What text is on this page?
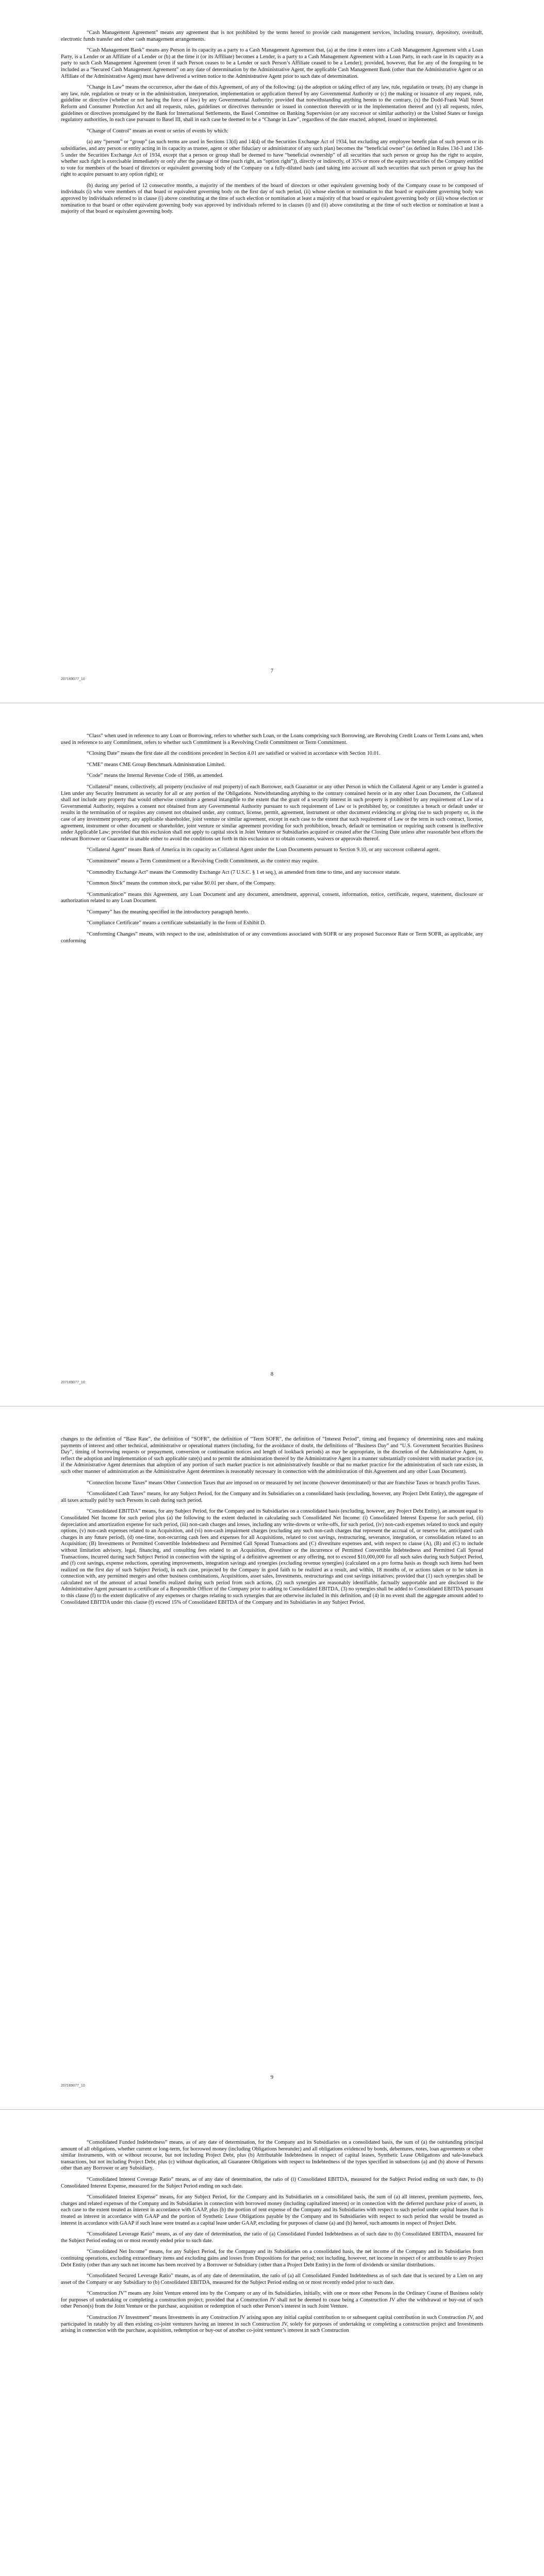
“Cash Management Agreement” means any agreement that is not prohibited by the terms hereof to provide cash management services, including treasury, depository, overdraft, electronic funds transfer and other cash management arrangements.

“Cash Management Bank” means any Person in its capacity as a party to a Cash Management Agreement that, (a) at the time it enters into a Cash Management Agreement with a Loan Party, is a Lender or an Affiliate of a Lender or (b) at the time it (or its Affiliate) becomes a Lender, is a party to a Cash Management Agreement with a Loan Party, in each case in its capacity as a party to such Cash Management Agreement (even if such Person ceases to be a Lender or such Person’s Affiliate ceased to be a Lender); provided, however, that for any of the foregoing to be included as a “Secured Cash Management Agreement” on any date of determination by the Administrative Agent, the applicable Cash Management Bank (other than the Administrative Agent or an Affiliate of the Administrative Agent) must have delivered a written notice to the Administrative Agent prior to such date of determination.

“Change in Law” means the occurrence, after the date of this Agreement, of any of the following: (a) the adoption or taking effect of any law, rule, regulation or treaty, (b) any change in any law, rule, regulation or treaty or in the administration, interpretation, implementation or application thereof by any Governmental Authority or (c) the making or issuance of any request, rule, guideline or directive (whether or not having the force of law) by any Governmental Authority; provided that notwithstanding anything herein to the contrary, (x) the Dodd-Frank Wall Street Reform and Consumer Protection Act and all requests, rules, guidelines or directives thereunder or issued in connection therewith or in the implementation thereof and (y) all requests, rules, guidelines or directives promulgated by the Bank for International Settlements, the Basel Committee on Banking Supervision (or any successor or similar authority) or the United States or foreign regulatory authorities, in each case pursuant to Basel III, shall in each case be deemed to be a “Change in Law”, regardless of the date enacted, adopted, issued or implemented.

“Change of Control” means an event or series of events by which:

(a) any “person” or “group” (as such terms are used in Sections 13(d) and 14(d) of the Securities Exchange Act of 1934, but excluding any employee benefit plan of such person or its subsidiaries, and any person or entity acting in its capacity as trustee, agent or other fiduciary or administrator of any such plan) becomes the “beneficial owner” (as defined in Rules 13d-3 and 13d-5 under the Securities Exchange Act of 1934, except that a person or group shall be deemed to have “beneficial ownership” of all securities that such person or group has the right to acquire, whether such right is exercisable immediately or only after the passage of time (such right, an “option right”)), directly or indirectly, of 35% or more of the equity securities of the Company entitled to vote for members of the board of directors or equivalent governing body of the Company on a fully-diluted basis (and taking into account all such securities that such person or group has the right to acquire pursuant to any option right); or

(b) during any period of 12 consecutive months, a majority of the members of the board of directors or other equivalent governing body of the Company cease to be composed of individuals (i) who were members of that board or equivalent governing body on the first day of such period, (ii) whose election or nomination to that board or equivalent governing body was approved by individuals referred to in clause (i) above constituting at the time of such election or nomination at least a majority of that board or equivalent governing body or (iii) whose election or nomination to that board or other equivalent governing body was approved by individuals referred to in clauses (i) and (ii) above constituting at the time of such election or nomination at least a majority of that board or equivalent governing body.

7
207169077_10

“Class” when used in reference to any Loan or Borrowing, refers to whether such Loan, or the Loans comprising such Borrowing, are Revolving Credit Loans or Term Loans and, when used in reference to any Commitment, refers to whether such Commitment is a Revolving Credit Commitment or Term Commitment.

“Closing Date” means the first date all the conditions precedent in Section 4.01 are satisfied or waived in accordance with Section 10.01.

“CME” means CME Group Benchmark Administration Limited.

“Code” means the Internal Revenue Code of 1986, as amended.

“Collateral” means, collectively, all property (exclusive of real property) of each Borrower, each Guarantor or any other Person in which the Collateral Agent or any Lender is granted a Lien under any Security Instrument as security for all or any portion of the Obligations. Notwithstanding anything to the contrary contained herein or in any other Loan Document, the Collateral shall not include any property that would otherwise constitute a general intangible to the extent that the grant of a security interest in such property is prohibited by any requirement of Law of a Governmental Authority, requires a consent not obtained from any Governmental Authority pursuant to such requirement of Law or is prohibited by, or constitutes a breach or default under or results in the termination of or requires any consent not obtained under, any contract, license, permit, agreement, instrument or other document evidencing or giving rise to such property or, in the case of any investment property, any applicable shareholder, joint venture or similar agreement, except in each case to the extent that such requirement of Law or the term in such contract, license, agreement, instrument or other document or shareholder, joint venture or similar agreement providing for such prohibition, breach, default or termination or requiring such consent is ineffective under Applicable Law; provided that this exclusion shall not apply to capital stock in Joint Ventures or Subsidiaries acquired or created after the Closing Date unless after reasonable best efforts the relevant Borrower or Guarantor is unable either to avoid the conditions set forth in this exclusion or to obtain consents, waivers or approvals thereof.

“Collateral Agent” means Bank of America in its capacity as Collateral Agent under the Loan Documents pursuant to Section 9.10, or any successor collateral agent.

“Commitment” means a Term Commitment or a Revolving Credit Commitment, as the context may require.

“Commodity Exchange Act” means the Commodity Exchange Act (7 U.S.C. § 1 et seq.), as amended from time to time, and any successor statute.

“Common Stock” means the common stock, par value $0.01 per share, of the Company.

“Communication” means this Agreement, any Loan Document and any document, amendment, approval, consent, information, notice, certificate, request, statement, disclosure or authorization related to any Loan Document.

“Company” has the meaning specified in the introductory paragraph hereto.

“Compliance Certificate” means a certificate substantially in the form of Exhibit D.

“Conforming Changes” means, with respect to the use, administration of or any conventions associated with SOFR or any proposed Successor Rate or Term SOFR, as applicable, any conforming

8
207169077_10

changes to the definition of “Base Rate”, the definition of “SOFR”, the definition of “Term SOFR”, the definition of “Interest Period”, timing and frequency of determining rates and making payments of interest and other technical, administrative or operational matters (including, for the avoidance of doubt, the definitions of “Business Day” and “U.S. Government Securities Business Day”, timing of borrowing requests or prepayment, conversion or continuation notices and length of lookback periods) as may be appropriate, in the discretion of the Administrative Agent, to reflect the adoption and implementation of such applicable rate(s) and to permit the administration thereof by the Administrative Agent in a manner substantially consistent with market practice (or, if the Administrative Agent determines that adoption of any portion of such market practice is not administratively feasible or that no market practice for the administration of such rate exists, in such other manner of administration as the Administrative Agent determines is reasonably necessary in connection with the administration of this Agreement and any other Loan Document).

“Connection Income Taxes” means Other Connection Taxes that are imposed on or measured by net income (however denominated) or that are franchise Taxes or branch profits Taxes.

“Consolidated Cash Taxes” means, for any Subject Period, for the Company and its Subsidiaries on a consolidated basis (excluding, however, any Project Debt Entity), the aggregate of all taxes actually paid by such Persons in cash during such period.

“Consolidated EBITDA” means, for any Subject Period, for the Company and its Subsidiaries on a consolidated basis (excluding, however, any Project Debt Entity), an amount equal to Consolidated Net Income for such period plus (a) the following to the extent deducted in calculating such Consolidated Net Income: (i) Consolidated Interest Expense for such period, (ii) depreciation and amortization expense for such period, (iii) non-cash charges and losses, including any write-downs or write-offs, for such period, (iv) non-cash expenses related to stock and equity options, (v) non-cash expenses related to an Acquisition, and (vi) non-cash impairment charges (excluding any such non-cash charges that represent the accrual of, or reserve for, anticipated cash charges in any future period), (d) one-time, non-recurring cash fees and expenses for all Acquisitions, related to cost savings, restructuring, severance, integration, or consolidation related to an Acquisition; (B) Investments or Permitted Convertible Indebtedness and Permitted Call Spread Transactions and (C) divestiture expenses and, with respect to clause (A), (B) and (C) to include without limitation advisory, legal, financing, and consulting fees related to an Acquisition, divestiture or the incurrence of Permitted Convertible Indebtedness and Permitted Call Spread Transactions, incurred during such Subject Period in connection with the signing of a definitive agreement or any offering, not to exceed $10,000,000 for all such sales during such Subject Period, and (f) cost savings, expense reductions, operating improvements, integration savings and synergies (excluding revenue synergies) (calculated on a pro forma basis as though such items had been realized on the first day of such Subject Period), in each case, projected by the Company in good faith to be realized as a result, and within, 18 months of, or actions taken or to be taken in connection with, any permitted mergers and other business combinations, Acquisitions, asset sales, Investments, restructurings and cost savings initiatives; provided that (1) such synergies shall be calculated net of the amount of actual benefits realized during such period from such actions, (2) such synergies are reasonably identifiable, factually supportable and are disclosed to the Administrative Agent pursuant to a certificate of a Responsible Officer of the Company prior to adding to Consolidated EBITDA, (3) no synergies shall be added to Consolidated EBITDA pursuant to this clause (f) to the extent duplicative of any expenses or charges relating to such synergies that are otherwise included in this definition, and (4) in no event shall the aggregate amount added to Consolidated EBITDA under this clause (f) exceed 15% of Consolidated EBITDA of the Company and its Subsidiaries in any Subject Period.

9
207169077_10

“Consolidated Funded Indebtedness” means, as of any date of determination, for the Company and its Subsidiaries on a consolidated basis, the sum of (a) the outstanding principal amount of all obligations, whether current or long-term, for borrowed money (including Obligations hereunder) and all obligations evidenced by bonds, debentures, notes, loan agreements or other similar instruments, with or without recourse, but not including Project Debt, plus (b) Attributable Indebtedness in respect of capital leases, Synthetic Lease Obligations and sale-leaseback transactions, but not including Project Debt, plus (c) without duplication, all Guarantee Obligations with respect to Indebtedness of the types specified in subsections (a) and (b) above of Persons other than any Borrower or any Subsidiary.

“Consolidated Interest Coverage Ratio” means, as of any date of determination, the ratio of (i) Consolidated EBITDA, measured for the Subject Period ending on such date, to (b) Consolidated Interest Expense, measured for the Subject Period ending on such date.

“Consolidated Interest Expense” means, for any Subject Period, for the Company and its Subsidiaries on a consolidated basis, the sum of (a) all interest, premium payments, fees, charges and related expenses of the Company and its Subsidiaries in connection with borrowed money (including capitalized interest) or in connection with the deferred purchase price of assets, in each case to the extent treated as interest in accordance with GAAP, plus (b) the portion of rent expense of the Company and its Subsidiaries with respect to such period under capital leases that is treated as interest in accordance with GAAP and the portion of Synthetic Lease Obligations payable by the Company and its Subsidiaries with respect to such period that would be treated as interest in accordance with GAAP if such lease were treated as a capital lease under GAAP, excluding for purposes of clause (a) and (b) hereof, such amounts in respect of Project Debt.

“Consolidated Leverage Ratio” means, as of any date of determination, the ratio of (a) Consolidated Funded Indebtedness as of such date to (b) Consolidated EBITDA, measured for the Subject Period ending on or most recently ended prior to such date.

“Consolidated Net Income” means, for any Subject Period, for the Company and its Subsidiaries on a consolidated basis, the net income of the Company and its Subsidiaries from continuing operations, excluding extraordinary items and excluding gains and losses from Dispositions for that period; not including, however, net income in respect of or attributable to any Project Debt Entity (other than any such net income has been received by a Borrower or Subsidiary (other than a Project Debt Entity) in the form of dividends or similar distributions.

“Consolidated Secured Leverage Ratio” means, as of any date of determination, the ratio of (a) all Consolidated Funded Indebtedness as of such date that is secured by a Lien on any asset of the Company or any Subsidiary to (b) Consolidated EBITDA, measured for the Subject Period ending on or most recently ended prior to such date.

“Construction JV” means any Joint Venture entered into by the Company or any of its Subsidiaries, initially, with one or more other Persons in the Ordinary Course of Business solely for purposes of undertaking or completing a construction project; provided that a Construction JV shall not be deemed to cease being a Construction JV after the withdrawal or buy-out of such other Person(s) from the Joint Venture or the purchase, acquisition or redemption of such other Person’s interest in such Joint Venture.

“Construction JV Investment” means Investments in any Construction JV arising upon any initial capital contribution to or subsequent capital contribution in such Construction JV, and participated in ratably by all then existing co-joint venturers having an interest in such Construction JV, solely for purposes of undertaking or completing a construction project and Investments arising in connection with the purchase, acquisition, redemption or buy-out of another co-joint venturer’s interest in such Construction
